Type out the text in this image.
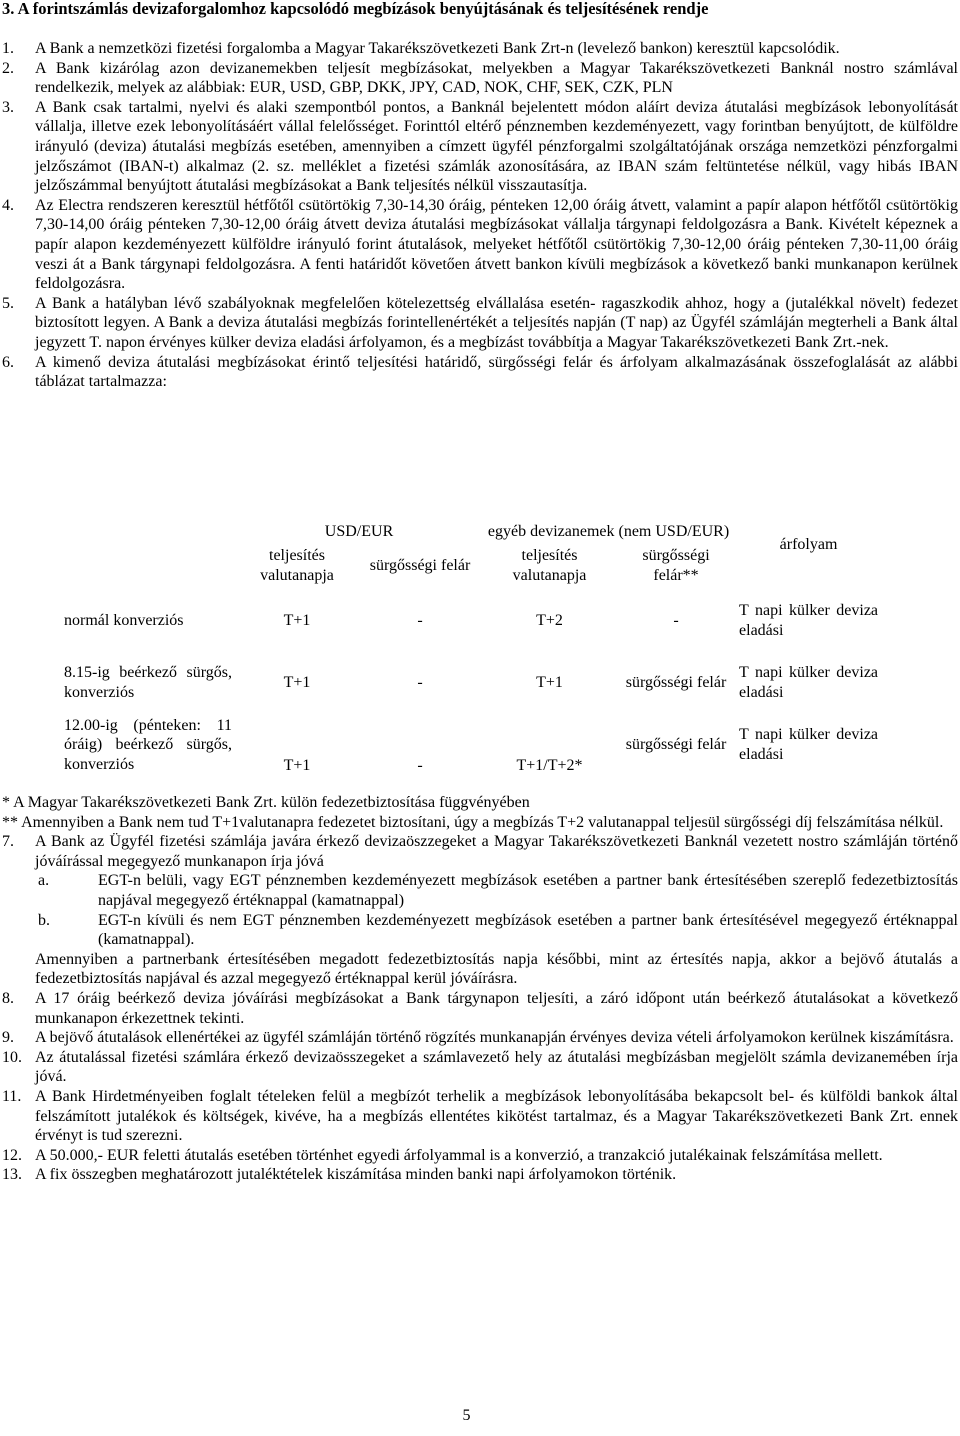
3. A forintszámlás devizaforgalomhoz kapcsolódó megbízások benyújtásának és teljesítésének rendje
1.	A Bank a nemzetközi fizetési forgalomba a Magyar Takarékszövetkezeti Bank Zrt-n (levelező bankon) keresztül kapcsolódik.
2.	A Bank kizárólag azon devizanemekben teljesít megbízásokat, melyekben a Magyar Takarékszövetkezeti Banknál nostro számlával rendelkezik, melyek az alábbiak: EUR, USD, GBP, DKK, JPY, CAD, NOK, CHF, SEK, CZK, PLN
3.	A Bank csak tartalmi, nyelvi és alaki szempontból pontos, a Banknál bejelentett módon aláírt deviza átutalási megbízások lebonyolítását vállalja, illetve ezek lebonyolításáért vállal felelősséget. Forinttól eltérő pénznemben kezdeményezett, vagy forintban benyújtott, de külföldre irányuló (deviza) átutalási megbízás esetében, amennyiben a címzett ügyfél pénzforgalmi szolgáltatójának országa nemzetközi pénzforgalmi jelzőszámot (IBAN-t) alkalmaz (2. sz. melléklet a fizetési számlák azonosítására, az IBAN szám feltüntetése nélkül, vagy hibás IBAN jelzőszámmal benyújtott átutalási megbízásokat a Bank teljesítés nélkül visszautasítja.
4.	Az Electra rendszeren keresztül hétfőtől csütörtökig 7,30-14,30 óráig, pénteken 12,00 óráig átvett, valamint a papír alapon hétfőtől csütörtökig 7,30-14,00 óráig pénteken 7,30-12,00 óráig átvett deviza átutalási megbízásokat vállalja tárgynapi feldolgozásra a Bank. Kivételt képeznek a papír alapon kezdeményezett külföldre irányuló forint átutalások, melyeket hétfőtől csütörtökig 7,30-12,00 óráig pénteken 7,30-11,00 óráig veszi át a Bank tárgynapi feldolgozásra. A fenti határidőt követően átvett bankon kívüli megbízások a következő banki munkanapon kerülnek feldolgozásra.
5.	A Bank a hatályban lévő szabályoknak megfelelően kötelezettség elvállalása esetén- ragaszkodik ahhoz, hogy a (jutalékkal növelt) fedezet biztosított legyen. A Bank a deviza átutalási megbízás forintellenértékét a teljesítés napján (T nap) az Ügyfél számláján megterheli a Bank által jegyzett T. napon érvényes külker deviza eladási árfolyamon, és a megbízást továbbítja a Magyar Takarékszövetkezeti Bank Zrt.-nek.
6.	A kimenő deviza átutalási megbízásokat érintő teljesítési határidő, sürgősségi felár és árfolyam alkalmazásának összefoglalását az alábbi táblázat tartalmazza:
	USD/EUR		egyéb devizanemek (nem USD/EUR)		árfolyam
	teljesítés valutanapja	sürgősségi felár	teljesítés valutanapja	sürgősségi felár**	
normál konverziós	T+1	-	T+2	-	T napi külker deviza eladási
8.15-ig beérkező sürgős, konverziós	T+1	-	T+1	sürgősségi felár	T napi külker deviza eladási
12.00-ig (pénteken: 11 óráig) beérkező sürgős, konverziós	T+1	-	T+1/T+2*	sürgősségi felár	T napi külker deviza eladási
* A Magyar Takarékszövetkezeti Bank Zrt. külön fedezetbiztosítása függvényében
** Amennyiben a Bank nem tud T+1valutanapra fedezetet biztosítani, úgy a megbízás T+2 valutanappal teljesül sürgősségi díj felszámítása nélkül.
7.	A Bank az Ügyfél fizetési számlája javára érkező devizaöszzegeket a Magyar Takarékszövetkezeti Banknál vezetett nostro számláján történő jóváírással megegyező munkanapon írja jóvá
a.	EGT-n belüli, vagy EGT pénznemben kezdeményezett megbízások esetében a partner bank értesítésében szereplő fedezetbiztosítás napjával megegyező értéknappal (kamatnappal)
b.	EGT-n kívüli és nem EGT pénznemben kezdeményezett megbízások esetében a partner bank értesítésével megegyező értéknappal (kamatnappal).
Amennyiben a partnerbank értesítésében megadott fedezetbiztosítás napja későbbi, mint az értesítés napja, akkor a bejövő átutalás a fedezetbiztosítás napjával és azzal megegyező értéknappal kerül jóváírásra.
8.	A 17 óráig beérkező deviza jóváírási megbízásokat a Bank tárgynapon teljesíti, a záró időpont után beérkező átutalásokat a következő munkanapon érkezettnek tekinti.
9.	A bejövő átutalások ellenértékei az ügyfél számláján történő rögzítés munkanapján érvényes deviza vételi árfolyamokon kerülnek kiszámításra.
10. Az átutalással fizetési számlára érkező devizaösszegeket a számlavezető hely az átutalási megbízásban megjelölt számla devizanemében írja jóvá.
11. A Bank Hirdetményeiben foglalt tételeken felül a megbízót terhelik a megbízások lebonyolításába bekapcsolt bel- és külföldi bankok által felszámított jutalékok és költségek, kivéve, ha a megbízás ellentétes kikötést tartalmaz, és a Magyar Takarékszövetkezeti Bank Zrt. ennek érvényt is tud szerezni.
12. A 50.000,- EUR feletti átutalás esetében történhet egyedi árfolyammal is a konverzió, a tranzakció jutalékainak felszámítása mellett.
13. A fix összegben meghatározott jutaléktételek kiszámítása minden banki napi árfolyamokon történik.
5
